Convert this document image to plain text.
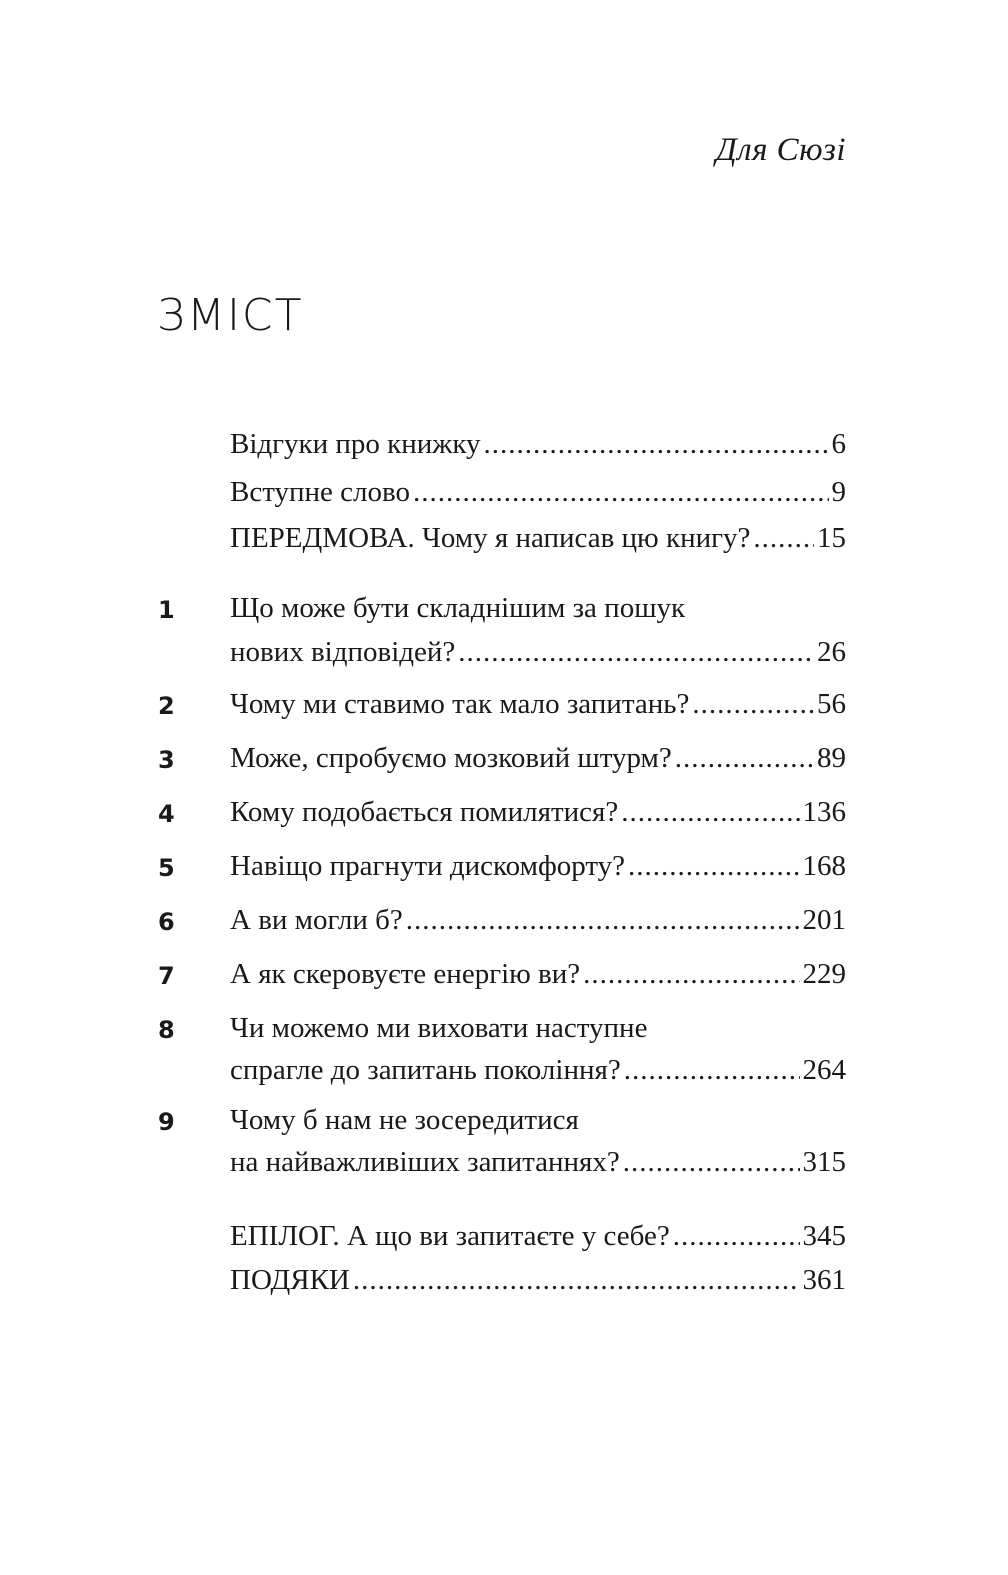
Для Сюзі
ЗМІСТ
Відгуки про книжку .....	6
Вступне слово .....	9
ПЕРЕДМОВА. Чому я написав цю книгу? ..... 15
1 Що може бути складнішим за пошук
нових відповідей? .....	26
2 Чому ми ставимо так мало запитань? .....	56
3 Може, спробуємо мозковий штурм? .....	89
4 Кому подобається помилятися? .....	136
5 Навіщо прагнути дискомфорту? .....	168
6 А ви могли б? .....	201
7 А як скеровуєте енергію ви? .....	229
8 Чи можемо ми виховати наступне
спрагле до запитань покоління? .....	264
9 Чому б нам не зосередитися
на найважливіших запитаннях? .....	315
ЕПІЛОГ. А що ви запитаєте у себе? .....	345
ПОДЯКИ .....	361
